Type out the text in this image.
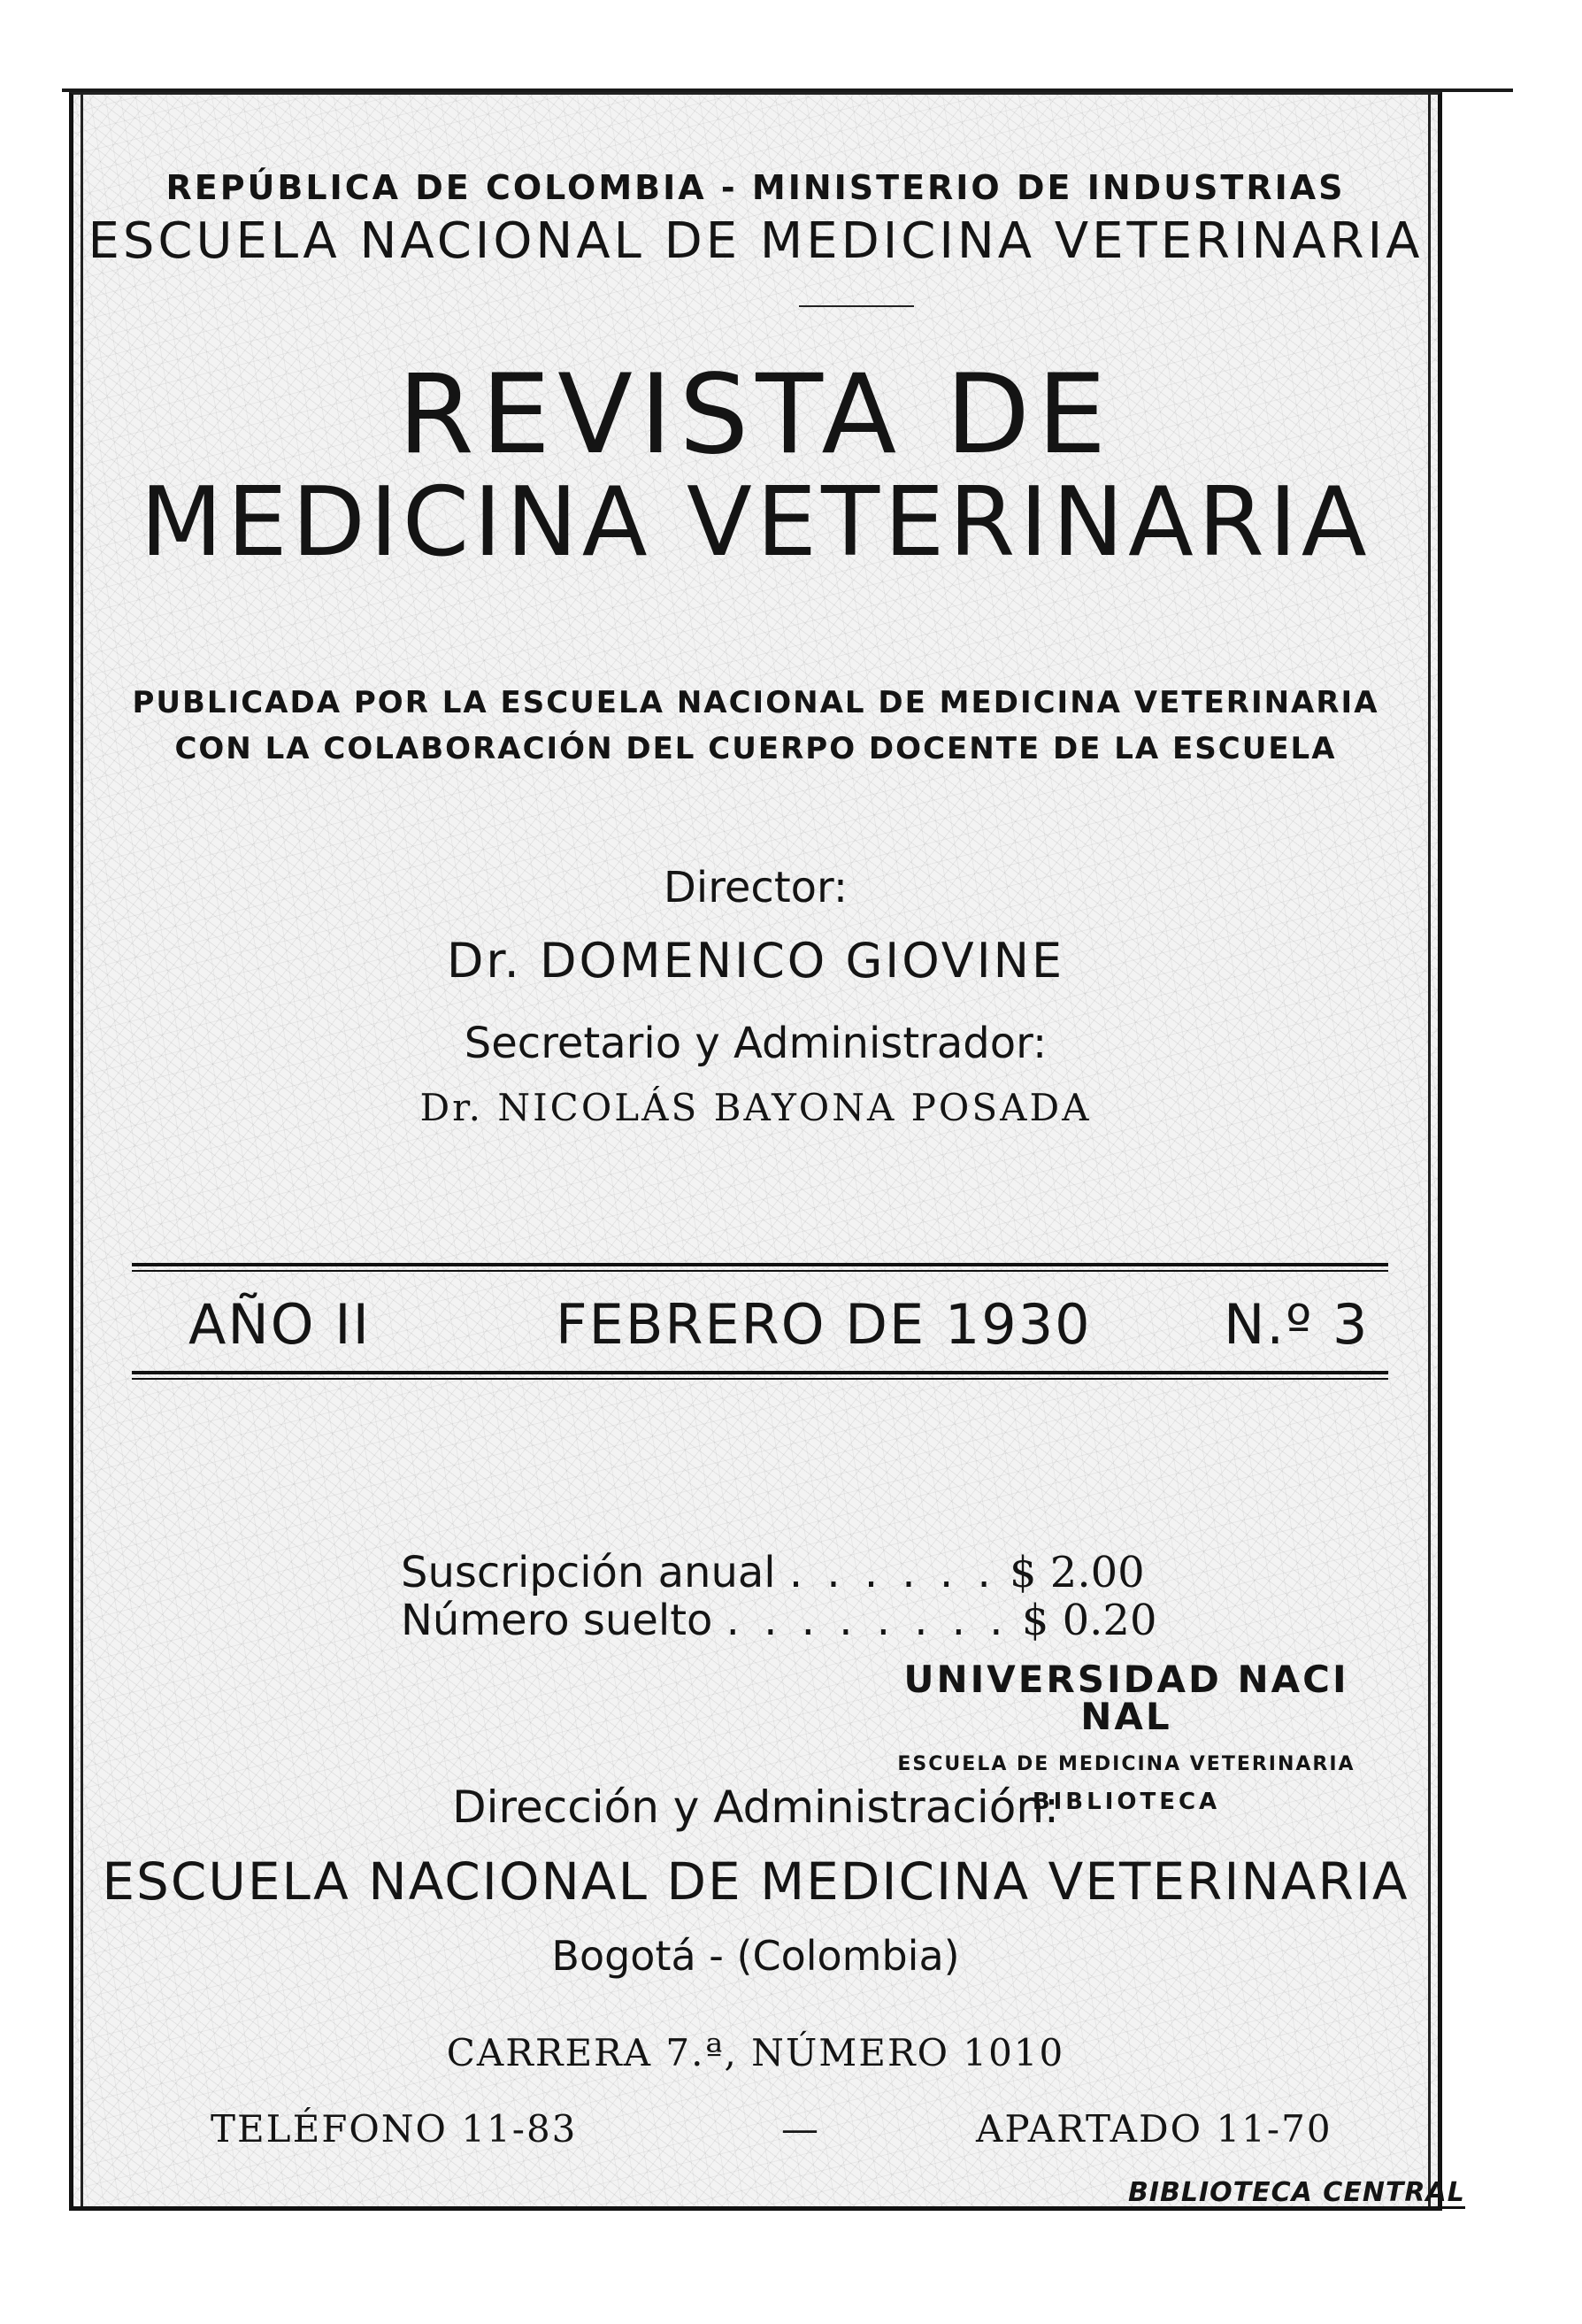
REPÚBLICA DE COLOMBIA - MINISTERIO DE INDUSTRIAS
ESCUELA NACIONAL DE MEDICINA VETERINARIA
REVISTA DE
MEDICINA VETERINARIA
PUBLICADA POR LA ESCUELA NACIONAL DE MEDICINA VETERINARIA
CON LA COLABORACIÓN DEL CUERPO DOCENTE DE LA ESCUELA
Director:
Dr. DOMENICO GIOVINE
Secretario y Administrador:
Dr. NICOLÁS BAYONA POSADA
AÑO II	FEBRERO DE 1930 N.º 3
Suscripción anual . . . . . . $ 2.00
Número suelto . . . . . . . . $ 0.20
UNIVERSIDAD NACI NAL
ESCUELA DE MEDICINA VETERINARIA
BIBLIOTECA
Dirección y Administración:
ESCUELA NACIONAL DE MEDICINA VETERINARIA
Bogotá - (Colombia)
CARRERA 7.ª, NÚMERO 1010
TELÉFONO 11-83	—	APARTADO 11-70
BIBLIOTECA CENTRAL
